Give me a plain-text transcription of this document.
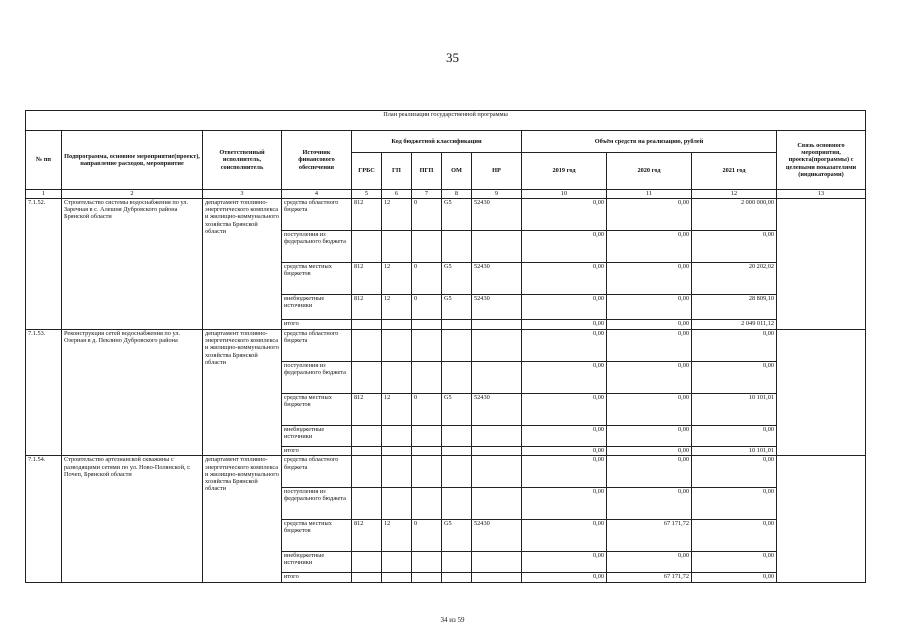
35
План реализации государственной программы												
№ пп	Подпрограмма, основное мероприятие(проект), направление расходов, мероприятие	Ответственный исполнитель, соисполнитель	Источник финансового обеспечения	Код бюджетной классификации					Объём средств на реализацию, рублей			Связь основного мероприятия, проекта(программы) с целевыми показателями (индикаторами)
				ГРБС	ГП	ПГП	ОМ	НР	2019 год	2020 год	2021 год	
1	2	3	4	5	6	7	8	9	10	11	12	13
7.1.52.	Строительство системы водоснабжения по ул. Заречная в с. Алешня Дубровского района Брянской области	департамент топливно-энергетического комплекса и жилищно-коммунального хозяйства Брянской области	средства областного бюджета	812	12	0	G5	52430	0,00	0,00	2 000 000,00	
			поступления из федерального бюджета						0,00	0,00	0,00	
			средства местных бюджетов	812	12	0	G5	52430	0,00	0,00	20 202,02	
			внебюджетные источники	812	12	0	G5	52430	0,00	0,00	28 809,10	
			итого						0,00	0,00	2 049 011,12	
7.1.53.	Реконструкция сетей водоснабжения по ул. Озерная в д. Пеклино Дубровского района	департамент топливно-энергетического комплекса и жилищно-коммунального хозяйства Брянской области	средства областного бюджета						0,00	0,00	0,00	
			поступления из федерального бюджета						0,00	0,00	0,00	
			средства местных бюджетов	812	12	0	G5	52430	0,00	0,00	10 101,01	
			внебюджетные источники						0,00	0,00	0,00	
			итого						0,00	0,00	10 101,01	
7.1.54.	Строительство артезианской скважины с разводящими сетями по ул. Ново-Полянской, г. Почеп, Брянской области	департамент топливно-энергетического комплекса и жилищно-коммунального хозяйства Брянской области	средства областного бюджета						0,00	0,00	0,00	
			поступления из федерального бюджета						0,00	0,00	0,00	
			средства местных бюджетов	812	12	0	G5	52430	0,00	67 171,72	0,00	
			внебюджетные источники						0,00	0,00	0,00	
			итого						0,00	67 171,72	0,00	
34 из 59
